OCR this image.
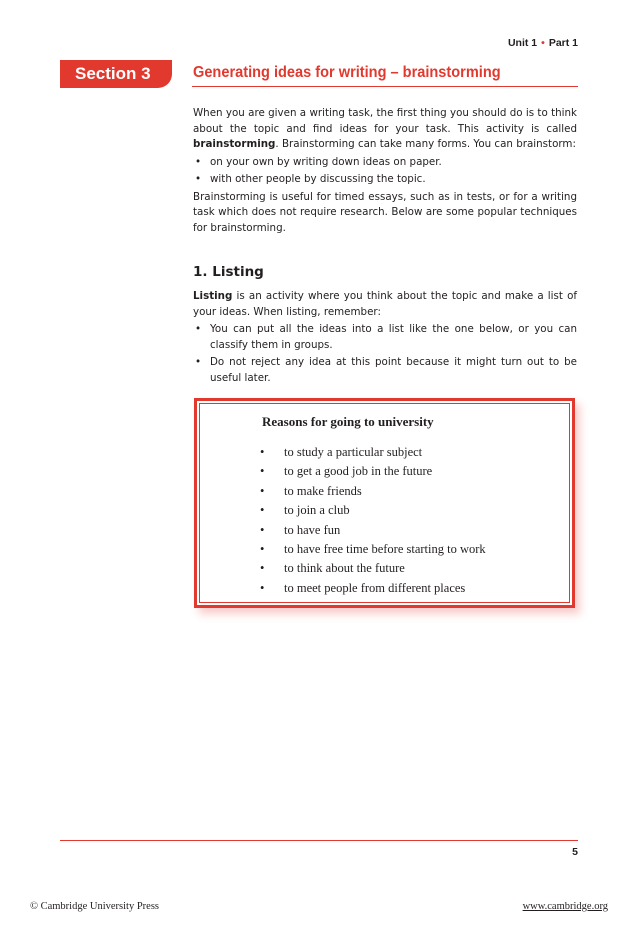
Unit 1 • Part 1
Section 3	Generating ideas for writing – brainstorming

When you are given a writing task, the first thing you should do is to think about the topic and find ideas for your task. This activity is called brainstorming. Brainstorming can take many forms. You can brainstorm:

• on your own by writing down ideas on paper.
• with other people by discussing the topic.

Brainstorming is useful for timed essays, such as in tests, or for a writing task which does not require research. Below are some popular techniques for brainstorming.

1. Listing

Listing is an activity where you think about the topic and make a list of your ideas. When listing, remember:

• You can put all the ideas into a list like the one below, or you can classify them in groups.
• Do not reject any idea at this point because it might turn out to be useful later.
Reasons for going to university
• to study a particular subject
• to get a good job in the future
• to make friends
• to join a club
• to have fun
• to have free time before starting to work
• to think about the future
• to meet people from different places
5
© Cambridge University Press	www.cambridge.org
